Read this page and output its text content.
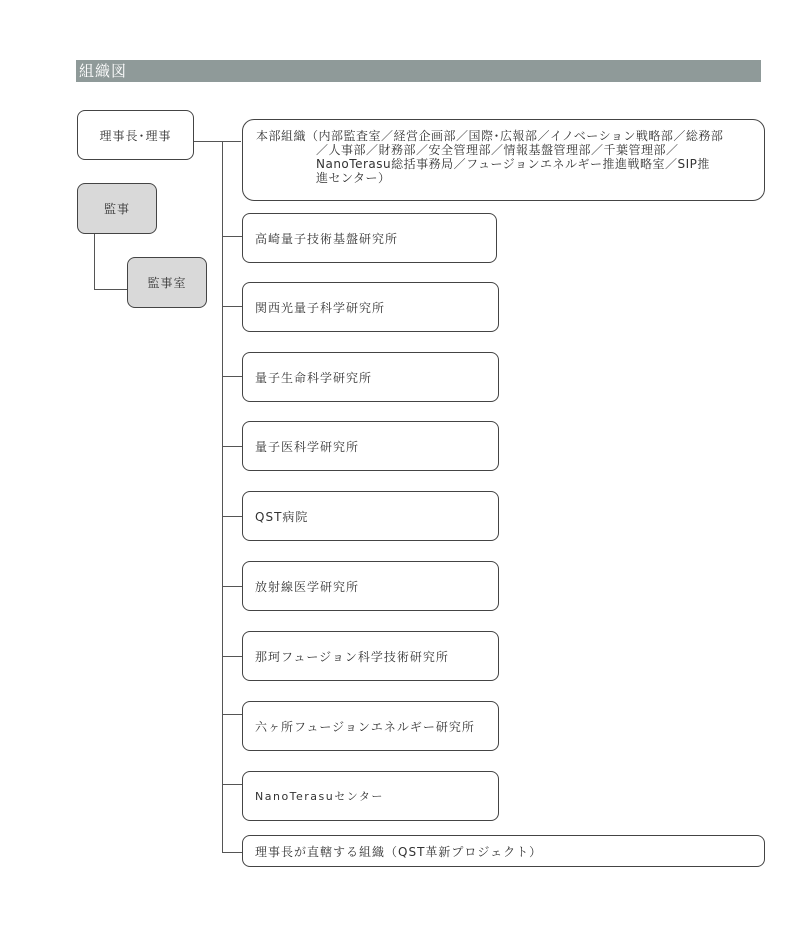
組織図
理事長･理事
監事
監事室
本部組織（内部監査室／経営企画部／国際･広報部／イノベーション戦略部／総務部
／人事部／財務部／安全管理部／情報基盤管理部／千葉管理部／
NanoTerasu総括事務局／フュージョンエネルギー推進戦略室／SIP推
進センター）
高崎量子技術基盤研究所
関西光量子科学研究所
量子生命科学研究所
量子医科学研究所
QST病院
放射線医学研究所
那珂フュージョン科学技術研究所
六ヶ所フュージョンエネルギー研究所
NanoTerasuセンター
理事長が直轄する組織（QST革新プロジェクト）
